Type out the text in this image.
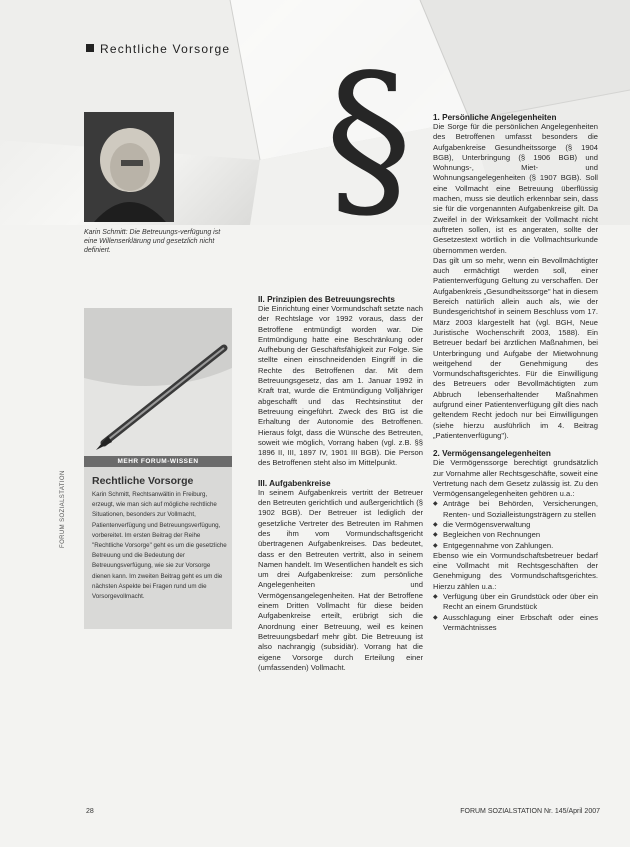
Rechtliche Vorsorge §
Karin Schmitt: Die Betreuungs-verfügung ist eine Willenserklärung und gesetzlich nicht definiert.
MEHR FORUM-WISSEN
Rechtliche Vorsorge
Karin Schmitt, Rechtsanwältin in Freiburg, erzeugt, wie man sich auf mögliche rechtliche Situationen, besonders zur Vollmacht, Patientenverfügung und Betreuungsverfügung, vorbereitet. Im ersten Beitrag der Reihe "Rechtliche Vorsorge" geht es um die gesetzliche Betreuung und die Bedeutung der Betreuungsverfügung, wie sie zur Vorsorge dienen kann. Im zweiten Beitrag geht es um die nächsten Aspekte bei Fragen rund um die Vorsorgevollmacht.
FORUM SOZIALSTATION
II. Prinzipien des Betreuungsrechts
Die Einrichtung einer Vormundschaft setzte nach der Rechtslage vor 1992 voraus, dass der Betroffene entmündigt worden war. Die Entmündigung hatte eine Beschränkung oder Aufhebung der Geschäftsfähigkeit zur Folge. Sie stellte einen einschneidenden Eingriff in die Rechte des Betroffenen dar. Mit dem Betreuungsgesetz, das am 1. Januar 1992 in Kraft trat, wurde die Entmündigung Volljähriger abgeschafft und das Rechtsinstitut der Betreuung eingeführt. Zweck des BtG ist die Erhaltung der Autonomie des Betroffenen. Hieraus folgt, dass die Wünsche des Betreuten, soweit wie möglich, Vorrang haben (vgl. z.B. §§ 1896 II, III, 1897 IV, 1901 III BGB). Die Person des Betroffenen steht also im Mittelpunkt.
III. Aufgabenkreise
In seinem Aufgabenkreis vertritt der Betreuer den Betreuten gerichtlich und außergerichtlich (§ 1902 BGB). Der Betreuer ist lediglich der gesetzliche Vertreter des Betreuten im Rahmen des ihm vom Vormundschaftsgericht übertragenen Aufgabenkreises. Das bedeutet, dass er den Betreuten vertritt, also in seinem Namen handelt. Im Wesentlichen handelt es sich um drei Aufgabenkreise: zum persönliche Angelegenheiten und Vermögensangelegenheiten. Hat der Betroffene einem Dritten Vollmacht für diese beiden Aufgabenkreise erteilt, erübrigt sich die Anordnung einer Betreuung, weil es keinen Betreuungsbedarf mehr gibt. Die Betreuung ist also nachrangig (subsidiär). Vorrang hat die eigene Vorsorge durch Erteilung einer (umfassenden) Vollmacht.
1. Persönliche Angelegenheiten
Die Sorge für die persönlichen Angelegenheiten des Betroffenen umfasst besonders die Aufgabenkreise Gesundheitssorge (§ 1904 BGB), Unterbringung (§ 1906 BGB) und Wohnungs-, Miet- und Wohnungsangelegenheiten (§ 1907 BGB). Soll eine Vollmacht eine Betreuung überflüssig machen, muss sie deutlich erkennbar sein, dass sie für die vorgenannten Aufgabenkreise gilt. Da Zweifel in der Wirksamkeit der Vollmacht nicht auftreten sollen, ist es angeraten, sollte der Gesetzestext wörtlich in die Vollmachtsurkunde übernommen werden.
Das gilt um so mehr, wenn ein Bevollmächtigter auch ermächtigt werden soll, einer Patientenverfügung Geltung zu verschaffen. Der Aufgabenkreis „Gesundheitssorge" hat in diesem Bereich natürlich allein auch als, wie der Bundesgerichtshof in seinem Beschluss vom 17. März 2003 klargestellt hat (vgl. BGH, Neue Juristische Wochenschrift 2003, 1588). Ein Betreuer bedarf bei ärztlichen Maßnahmen, bei Unterbringung und Aufgabe der Mietwohnung weitgehend der Genehmigung des Vormundschaftsgerichtes. Für die Einwilligung des Betreuers oder Bevollmächtigten zum Abbruch lebenserhaltender Maßnahmen aufgrund einer Patientenverfügung gilt dies nach geltendem Recht jedoch nur bei Einwilligungen (siehe hierzu ausführlich im 4. Beitrag „Patientenverfügung").
2. Vermögensangelegenheiten
Die Vermögenssorge berechtigt grundsätzlich zur Vornahme aller Rechtsgeschäfte, soweit eine Vertretung nach dem Gesetz zulässig ist. Zu den Vermögensangelegenheiten gehören u.a.:
◆ Anträge bei Behörden, Versicherungen, Renten- und Sozialleistungsträgern zu stellen
◆ die Vermögensverwaltung
◆ Begleichen von Rechnungen
◆ Entgegennahme von Zahlungen.
Ebenso wie ein Vormundschaftsbetreuer bedarf eine Vollmacht mit Rechtsgeschäften der Genehmigung des Vormundschaftsgerichtes. Hierzu zählen u.a.:
◆ Verfügung über ein Grundstück oder über ein Recht an einem Grundstück
◆ Ausschlagung einer Erbschaft oder eines Vermächtnisses
28	FORUM SOZIALSTATION Nr. 145/April 2007
